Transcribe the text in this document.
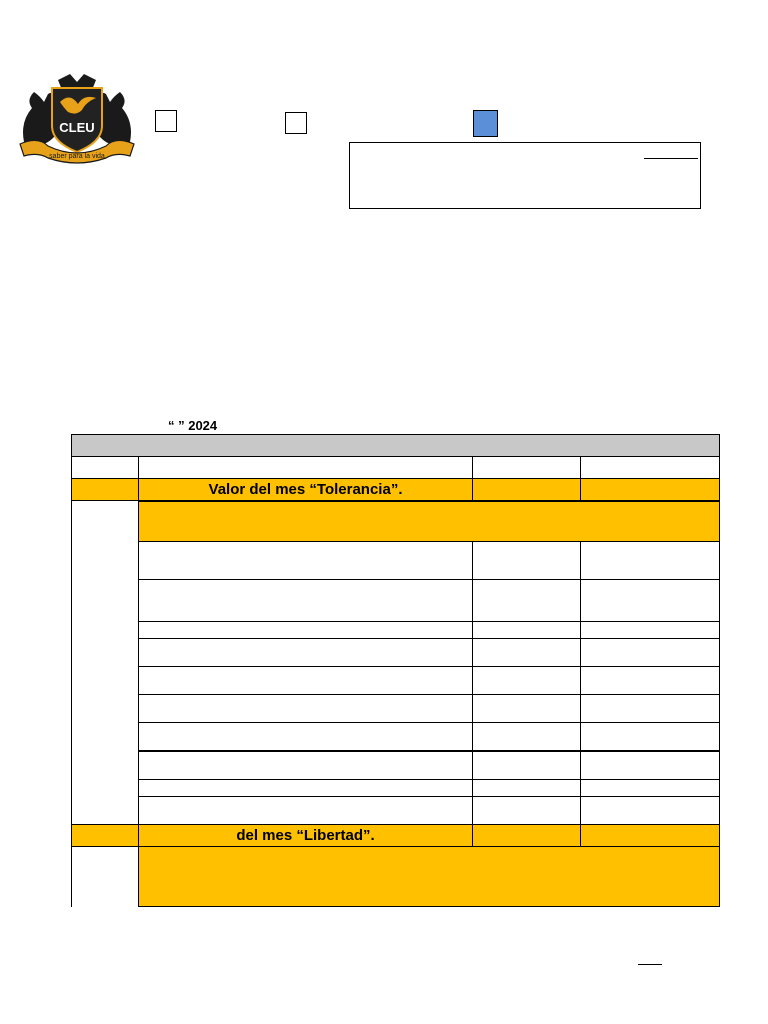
CLEU
saber para la vida
“ ” 2024
Valor del mes “Tolerancia”.
del mes “Libertad”.
